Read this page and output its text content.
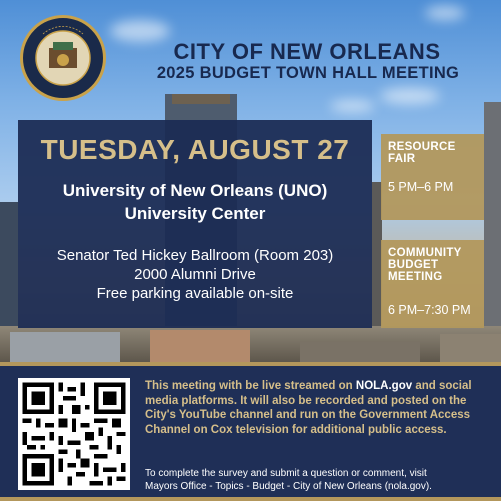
CITY OF NEW ORLEANS
2025 BUDGET TOWN HALL MEETING
TUESDAY, AUGUST 27
University of New Orleans (UNO)
University Center
Senator Ted Hickey Ballroom (Room 203)
2000 Alumni Drive
Free parking available on-site
RESOURCE
FAIR
5 PM–6 PM
COMMUNITY
BUDGET
MEETING
6 PM–7:30 PM
This meeting with be live streamed on NOLA.gov and social media platforms. It will also be recorded and posted on the City's YouTube channel and run on the Government Access Channel on Cox television for additional public access.
To complete the survey and submit a question or comment, visit
Mayors Office - Topics - Budget - City of New Orleans (nola.gov).
